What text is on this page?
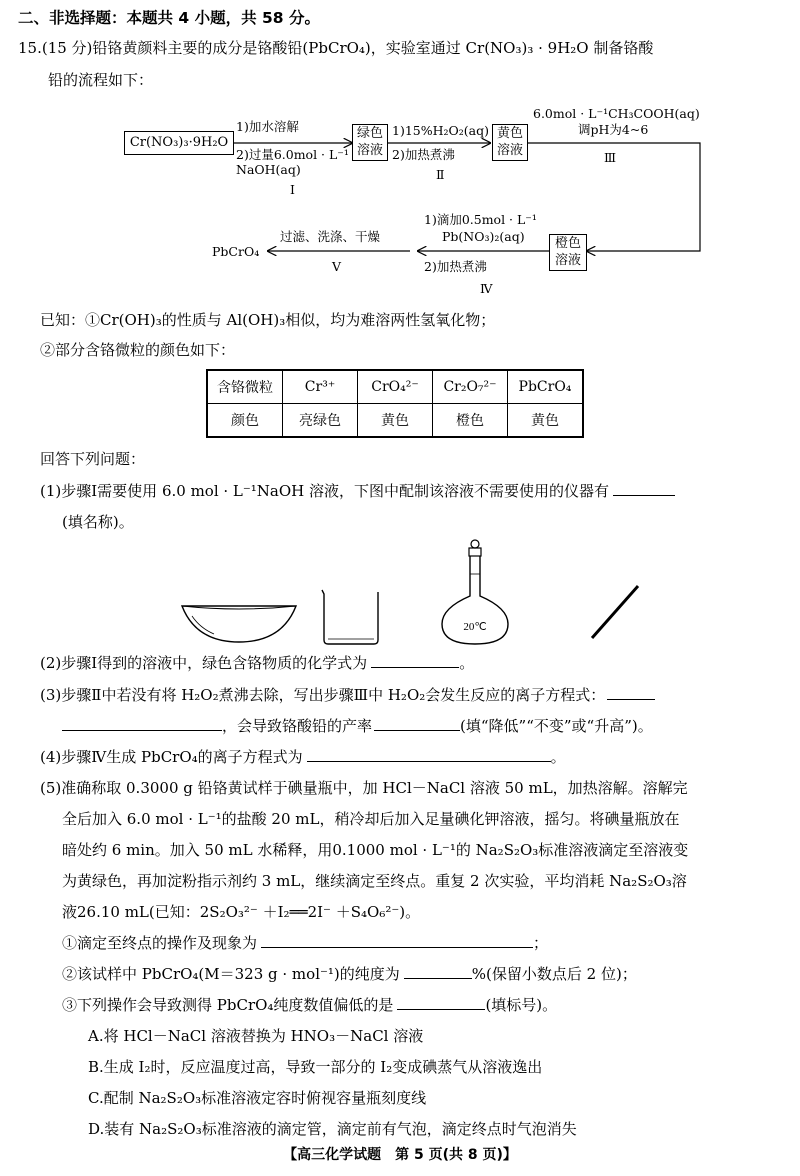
二、非选择题：本题共 4 小题，共 58 分。
15.(15 分)铅铬黄颜料主要的成分是铬酸铅(PbCrO₄)，实验室通过 Cr(NO₃)₃ · 9H₂O 制备铬酸
铅的流程如下：
Cr(NO₃)₃·9H₂O
1)加水溶解
2)过量6.0mol · L⁻¹
NaOH(aq)
Ⅰ
绿色溶液
1)15%H₂O₂(aq)
2)加热煮沸
Ⅱ
黄色溶液
6.0mol · L⁻¹CH₃COOH(aq)
调pH为4~6
Ⅲ
橙色溶液
1)滴加0.5mol · L⁻¹
Pb(NO₃)₂(aq)
2)加热煮沸
Ⅳ
过滤、洗涤、干燥
Ⅴ
PbCrO₄
已知：①Cr(OH)₃的性质与 Al(OH)₃相似，均为难溶两性氢氧化物；
②部分含铬微粒的颜色如下：
含铬微粒	Cr³⁺	CrO₄²⁻	Cr₂O₇²⁻	PbCrO₄
颜色	亮绿色	黄色	橙色	黄色
回答下列问题：
(1)步骤Ⅰ需要使用 6.0 mol · L⁻¹NaOH 溶液，下图中配制该溶液不需要使用的仪器有
(填名称)。
20℃
(2)步骤Ⅰ得到的溶液中，绿色含铬物质的化学式为	。
(3)步骤Ⅱ中若没有将 H₂O₂煮沸去除，写出步骤Ⅲ中 H₂O₂会发生反应的离子方程式：
，会导致铬酸铅的产率	(填“降低”“不变”或“升高”)。
(4)步骤Ⅳ生成 PbCrO₄的离子方程式为	。
(5)准确称取 0.3000 g 铅铬黄试样于碘量瓶中，加 HCl－NaCl 溶液 50 mL，加热溶解。溶解完
全后加入 6.0 mol · L⁻¹的盐酸 20 mL，稍冷却后加入足量碘化钾溶液，摇匀。将碘量瓶放在
暗处约 6 min。加入 50 mL 水稀释，用0.1000 mol · L⁻¹的 Na₂S₂O₃标准溶液滴定至溶液变
为黄绿色，再加淀粉指示剂约 3 mL，继续滴定至终点。重复 2 次实验，平均消耗 Na₂S₂O₃溶
液26.10 mL(已知：2S₂O₃²⁻ ＋I₂══2I⁻ ＋S₄O₆²⁻)。
①滴定至终点的操作及现象为	；
②该试样中 PbCrO₄(M＝323 g · mol⁻¹)的纯度为	%(保留小数点后 2 位)；
③下列操作会导致测得 PbCrO₄纯度数值偏低的是	(填标号)。
A.将 HCl－NaCl 溶液替换为 HNO₃－NaCl 溶液
B.生成 I₂时，反应温度过高，导致一部分的 I₂变成碘蒸气从溶液逸出
C.配制 Na₂S₂O₃标准溶液定容时俯视容量瓶刻度线
D.装有 Na₂S₂O₃标准溶液的滴定管，滴定前有气泡，滴定终点时气泡消失
【高三化学试题　第 5 页(共 8 页)】
